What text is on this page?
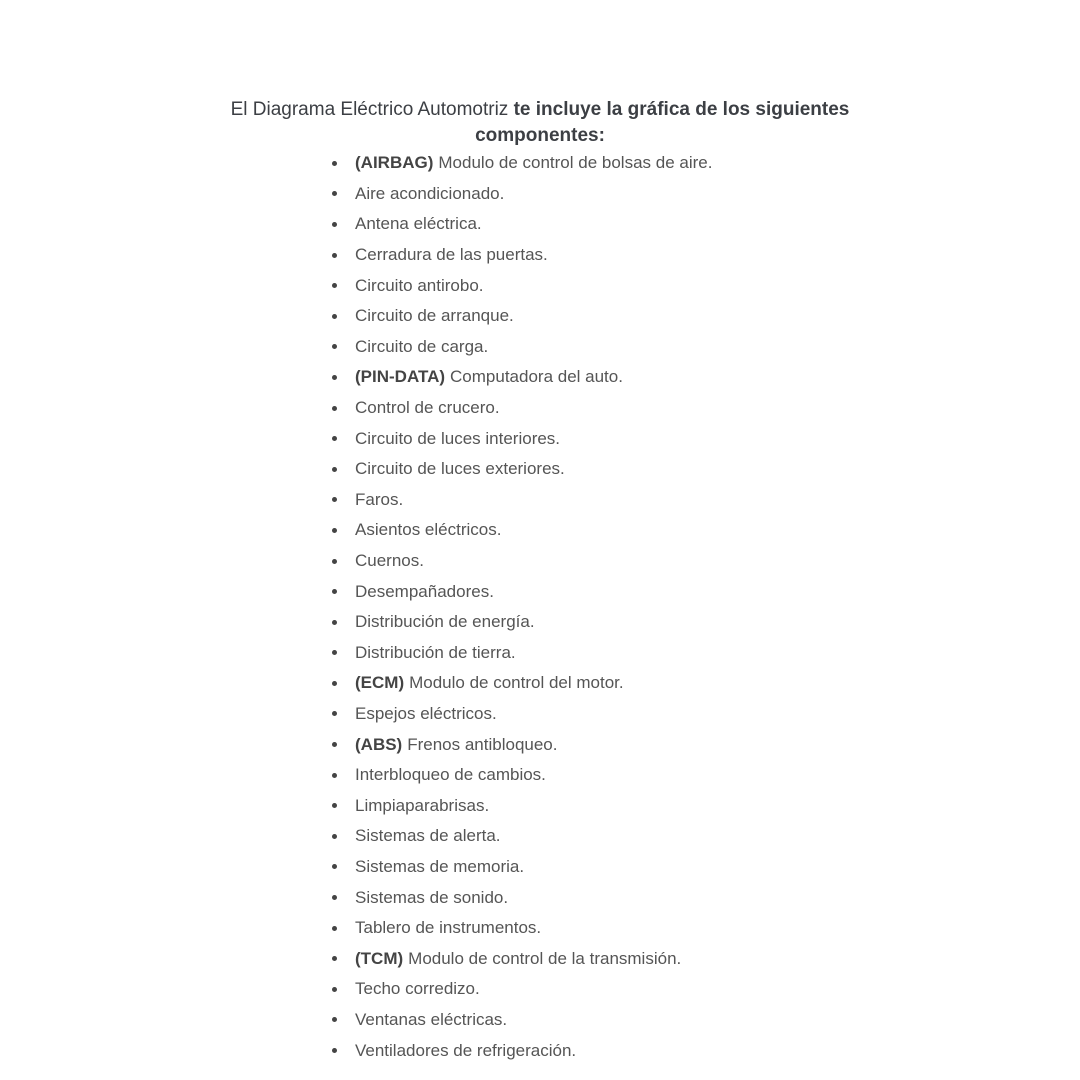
El Diagrama Eléctrico Automotriz te incluye la gráfica de los siguientes componentes:

(AIRBAG) Modulo de control de bolsas de aire.
Aire acondicionado.
Antena eléctrica.
Cerradura de las puertas.
Circuito antirobo.
Circuito de arranque.
Circuito de carga.
(PIN-DATA) Computadora del auto.
Control de crucero.
Circuito de luces interiores.
Circuito de luces exteriores.
Faros.
Asientos eléctricos.
Cuernos.
Desempañadores.
Distribución de energía.
Distribución de tierra.
(ECM) Modulo de control del motor.
Espejos eléctricos.
(ABS) Frenos antibloqueo.
Interbloqueo de cambios.
Limpiaparabrisas.
Sistemas de alerta.
Sistemas de memoria.
Sistemas de sonido.
Tablero de instrumentos.
(TCM) Modulo de control de la transmisión.
Techo corredizo.
Ventanas eléctricas.
Ventiladores de refrigeración.
